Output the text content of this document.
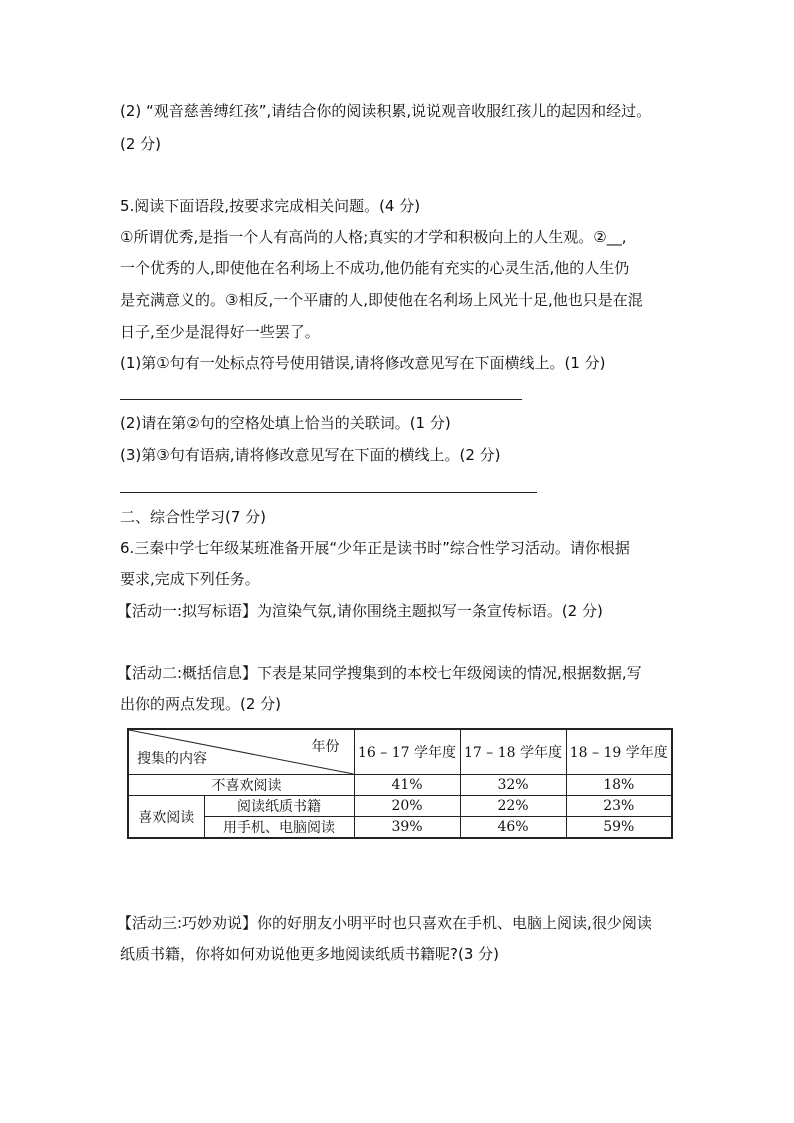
(2) “观音慈善缚红孩”,请结合你的阅读积累,说说观音收服红孩儿的起因和经过。
(2 分)
5.阅读下面语段,按要求完成相关问题。(4 分)
①所谓优秀,是指一个人有高尚的人格;真实的才学和积极向上的人生观。②__,
一个优秀的人,即使他在名利场上不成功,他仍能有充实的心灵生活,他的人生仍
是充满意义的。③相反,一个平庸的人,即使他在名利场上风光十足,他也只是在混
日子,至少是混得好一些罢了。
(1)第①句有一处标点符号使用错误,请将修改意见写在下面横线上。(1 分)
(2)请在第②句的空格处填上恰当的关联词。(1 分)
(3)第③句有语病,请将修改意见写在下面的横线上。(2 分)
二、综合性学习(7 分)
6.三秦中学七年级某班准备开展“少年正是读书时”综合性学习活动。请你根据
要求,完成下列任务。
【活动一:拟写标语】为渲染气氛,请你围绕主题拟写一条宣传标语。(2 分)
【活动二:概括信息】下表是某同学搜集到的本校七年级阅读的情况,根据数据,写
出你的两点发现。(2 分)
年份
搜集的内容		16 – 17 学年度	17 – 18 学年度	18 – 19 学年度
不喜欢阅读		41%	32%	18%
喜欢阅读	阅读纸质书籍	20%	22%	23%
	用手机、电脑阅读	39%	46%	59%
【活动三:巧妙劝说】你的好朋友小明平时也只喜欢在手机、电脑上阅读,很少阅读
纸质书籍，你将如何劝说他更多地阅读纸质书籍呢?(3 分)
